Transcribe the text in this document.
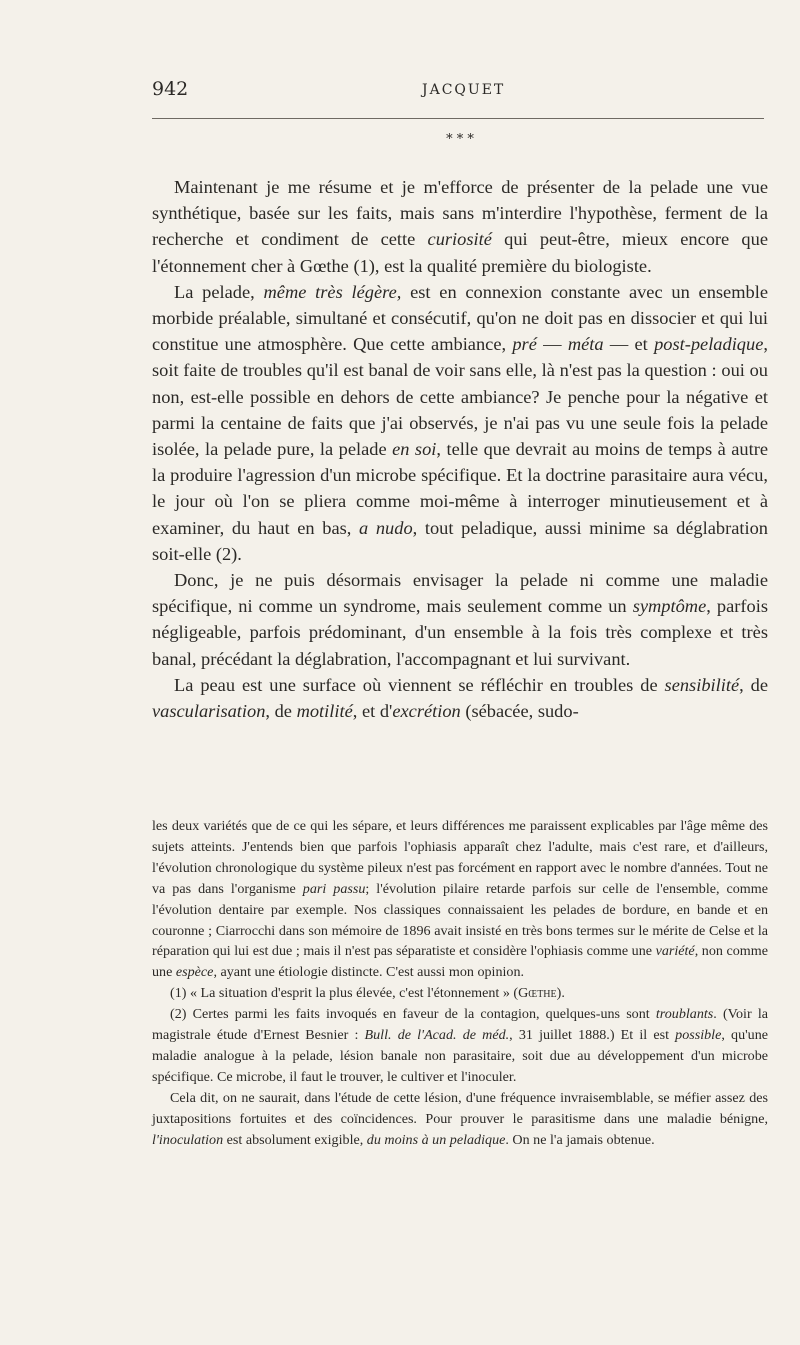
942	JACQUET
* * *

Maintenant je me résume et je m'efforce de présenter de la pelade une vue synthétique, basée sur les faits, mais sans m'interdire l'hypothèse, ferment de la recherche et condiment de cette curiosité qui peut-être, mieux encore que l'étonnement cher à Gœthe (1), est la qualité première du biologiste.

La pelade, même très légère, est en connexion constante avec un ensemble morbide préalable, simultané et consécutif, qu'on ne doit pas en dissocier et qui lui constitue une atmosphère. Que cette ambiance, pré — méta — et post-peladique, soit faite de troubles qu'il est banal de voir sans elle, là n'est pas la question : oui ou non, est-elle possible en dehors de cette ambiance? Je penche pour la négative et parmi la centaine de faits que j'ai observés, je n'ai pas vu une seule fois la pelade isolée, la pelade pure, la pelade en soi, telle que devrait au moins de temps à autre la produire l'agression d'un microbe spécifique. Et la doctrine parasitaire aura vécu, le jour où l'on se pliera comme moi-même à interroger minutieusement et à examiner, du haut en bas, a nudo, tout peladique, aussi minime sa déglabration soit-elle (2).

Donc, je ne puis désormais envisager la pelade ni comme une maladie spécifique, ni comme un syndrome, mais seulement comme un symptôme, parfois négligeable, parfois prédominant, d'un ensemble à la fois très complexe et très banal, précédant la déglabration, l'accompagnant et lui survivant.

La peau est une surface où viennent se réfléchir en troubles de sensibilité, de vascularisation, de motilité, et d'excrétion (sébacée, sudo-

les deux variétés que de ce qui les sépare, et leurs différences me paraissent explicables par l'âge même des sujets atteints. J'entends bien que parfois l'ophiasis apparaît chez l'adulte, mais c'est rare, et d'ailleurs, l'évolution chronologique du système pileux n'est pas forcément en rapport avec le nombre d'années. Tout ne va pas dans l'organisme pari passu; l'évolution pilaire retarde parfois sur celle de l'ensemble, comme l'évolution dentaire par exemple. Nos classiques connaissaient les pelades de bordure, en bande et en couronne ; Ciarrocchi dans son mémoire de 1896 avait insisté en très bons termes sur le mérite de Celse et la réparation qui lui est due ; mais il n'est pas séparatiste et considère l'ophiasis comme une variété, non comme une espèce, ayant une étiologie distincte. C'est aussi mon opinion.

(1) « La situation d'esprit la plus élevée, c'est l'étonnement » (Gœthe).

(2) Certes parmi les faits invoqués en faveur de la contagion, quelques-uns sont troublants. (Voir la magistrale étude d'Ernest Besnier : Bull. de l'Acad. de méd., 31 juillet 1888.) Et il est possible, qu'une maladie analogue à la pelade, lésion banale non parasitaire, soit due au développement d'un microbe spécifique. Ce microbe, il faut le trouver, le cultiver et l'inoculer.

Cela dit, on ne saurait, dans l'étude de cette lésion, d'une fréquence invraisemblable, se méfier assez des juxtapositions fortuites et des coïncidences. Pour prouver le parasitisme dans une maladie bénigne, l'inoculation est absolument exigible, du moins à un peladique. On ne l'a jamais obtenue.
